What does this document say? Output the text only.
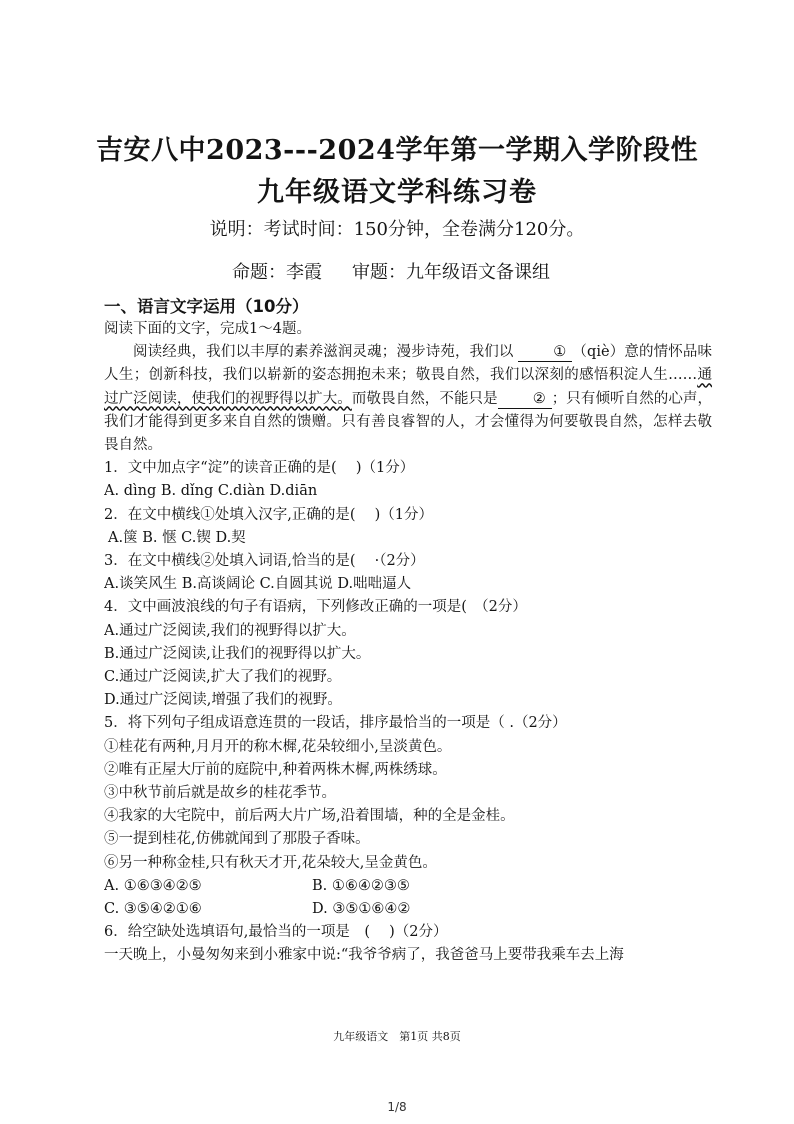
吉安八中2023---2024学年第一学期入学阶段性
九年级语文学科练习卷
说明：考试时间：150分钟，全卷满分120分。
命题：李霞 审题：九年级语文备课组
一、语言文字运用（10分）
阅读下面的文字，完成1～4题。
阅读经典，我们以丰厚的素养滋润灵魂；漫步诗苑，我们以	① （qiè）意的情怀品味人生；创新科技，我们以崭新的姿态拥抱未来；敬畏自然，我们以深刻的感悟积淀人生……通过广泛阅读，使我们的视野得以扩大。而敬畏自然，不能只是 ② ；只有倾听自然的心声，我们才能得到更多来自自然的馈赠。只有善良睿智的人，才会懂得为何要敬畏自然，怎样去敬畏自然。
1．文中加点字“淀”的读音正确的是(　 )（1分）
A. dìng B. dǐng C.diàn D.diān
2．在文中横线①处填入汉字,正确的是(　 )（1分）
A.箧 B. 惬 C.锲 D.契
3．在文中横线②处填入词语,恰当的是(　 ·（2分）
A.谈笑风生 B.高谈阔论 C.自圆其说 D.咄咄逼人
4．文中画波浪线的句子有语病，下列修改正确的一项是(　（2分）
A.通过广泛阅读,我们的视野得以扩大。
B.通过广泛阅读,让我们的视野得以扩大。
C.通过广泛阅读,扩大了我们的视野。
D.通过广泛阅读,增强了我们的视野。
5．将下列句子组成语意连贯的一段话，排序最恰当的一项是（ .（2分）
①桂花有两种,月月开的称木樨,花朵较细小,呈淡黄色。
②唯有正屋大厅前的庭院中,种着两株木樨,两株绣球。
③中秋节前后就是故乡的桂花季节。
④我家的大宅院中，前后两大片广场,沿着围墙，种的全是金桂。
⑤一提到桂花,仿佛就闻到了那股子香味。
⑥另一种称金桂,只有秋天才开,花朵较大,呈金黄色。
A. ①⑥③④②⑤	B. ①⑥④②③⑤
C. ③⑤④②①⑥	D. ③⑤①⑥④②
6．给空缺处选填语句,最恰当的一项是　(　 )（2分）
一天晚上，小曼匆匆来到小雅家中说:“我爷爷病了，我爸爸马上要带我乘车去上海
九年级语文　第1页 共8页
1/8
